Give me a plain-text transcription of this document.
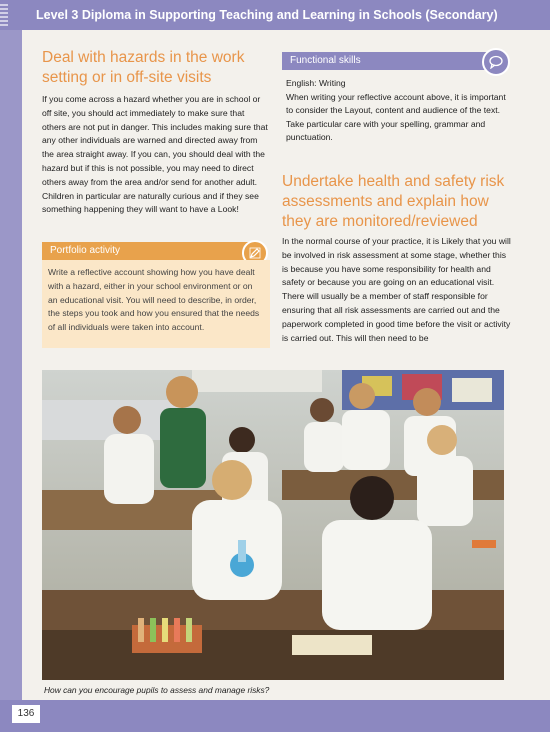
Level 3 Diploma in Supporting Teaching and Learning in Schools (Secondary)
Deal with hazards in the work setting or in off-site visits

If you come across a hazard whether you are in school or off site, you should act immediately to make sure that others are not put in danger. This includes making sure that any other individuals are warned and directed away from the area straight away. If you can, you should deal with the hazard but if this is not possible, you may need to direct others away from the area and/or send for another adult. Children in particular are naturally curious and if they see something happening they will want to have a Look!

Portfolio activity

Write a reflective account showing how you have dealt with a hazard, either in your school environment or on an educational visit. You will need to describe, in order, the steps you took and how you ensured that the needs of all individuals were taken into account.

Functional skills

English: Writing

When writing your reflective account above, it is important to consider the Layout, content and audience of the text. Take particular care with your spelling, grammar and punctuation.

Undertake health and safety risk assessments and explain how they are monitored/reviewed

In the normal course of your practice, it is Likely that you will be involved in risk assessment at some stage, whether this is because you have some responsibility for health and safety or because you are going on an educational visit. There will usually be a member of staff responsible for ensuring that all risk assessments are carried out and the paperwork completed in good time before the visit or activity is carried out. This will then need to be

How can you encourage pupils to assess and manage risks?

136
